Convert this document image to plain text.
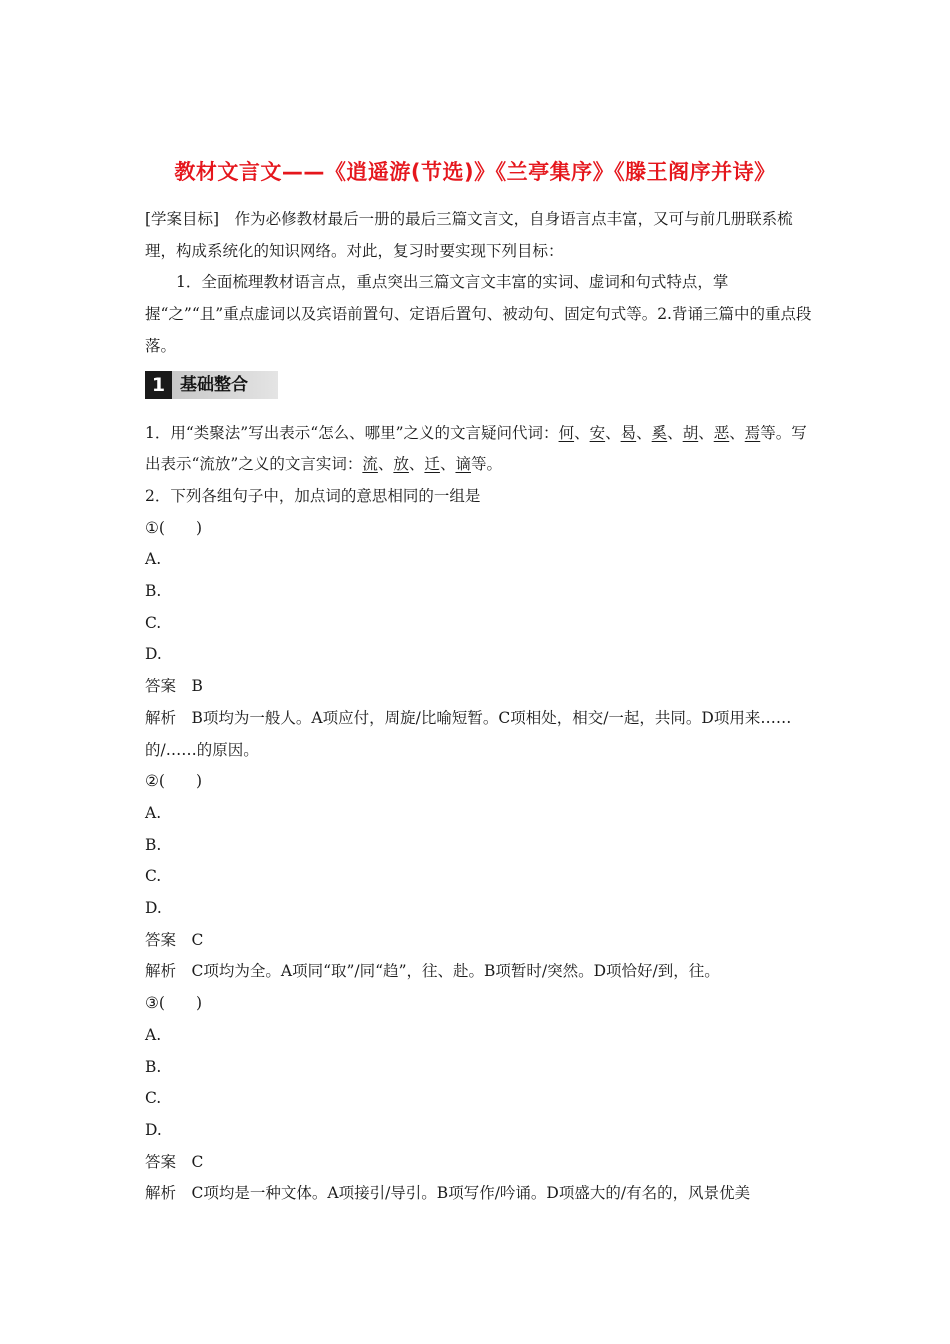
教材文言文——《逍遥游(节选)》《兰亭集序》《滕王阁序并诗》

[学案目标]　作为必修教材最后一册的最后三篇文言文，自身语言点丰富，又可与前几册联系梳理，构成系统化的知识网络。对此，复习时要实现下列目标：

1．全面梳理教材语言点，重点突出三篇文言文丰富的实词、虚词和句式特点，掌握“之”“且”重点虚词以及宾语前置句、定语后置句、被动句、固定句式等。2.背诵三篇中的重点段落。

1 基础整合

1．用“类聚法”写出表示“怎么、哪里”之义的文言疑问代词：何、安、曷、奚、胡、恶、焉等。写出表示“流放”之义的文言实词：流、放、迁、谪等。

2．下列各组句子中，加点词的意思相同的一组是

①(　　)

A.

B.

C.

D.

答案　 B

解析　 B项均为一般人。A项应付，周旋/比喻短暂。C项相处，相交/一起，共同。D项用来……的/……的原因。

②(　　)

A.

B.

C.

D.

答案　 C

解析　 C项均为全。A项同“取”/同“趋”，往、赴。B项暂时/突然。D项恰好/到，往。

③(　　)

A.

B.

C.

D.

答案　 C

解析　 C项均是一种文体。A项接引/导引。B项写作/吟诵。D项盛大的/有名的，风景优美
